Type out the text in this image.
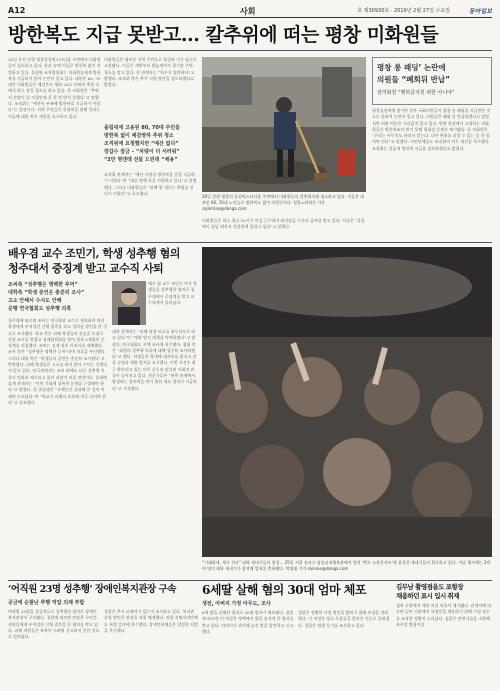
A12	사회	호 제30930호 · 2019년 2월 27일 수요일	동아일보
방한복도 지급 못받고… 칼추위에 떠는 평창 미화원들
20일 오전 강원 평창올림픽스타디움 주변에서 미화원들이 청소하고 있다. 한파 속에 이들은 방한복 없이 작업하고 있다. 올림픽 조직위원회는 미화원들에게 방한복을 지급하지 않아 논란이 일고 있다. 대부분 60, 70대인 미화원들은 체감온도 영하 20도 안팎의 추위 속에서 하루 종일 청소를 하고 있다. 한 미화원은 “추워서 손발이 얼 지경인데 옷 한 벌 받지 못했다”고 말했다. 조직위는 “예산이 부족해 방한복을 지급하기 어렵다”는 입장이다. 지역 주민들은 올림픽을 위해 일하는 이들에 대한 처우 개선을 요구하고 있다.
미화원들은 대부분 지역 주민으로 올림픽 기간 임시로 고용됐다. 이들은 새벽부터 밤늦게까지 경기장 주변 청소를 맡고 있다. 한 관계자는 “처우가 열악하다”고 말했다. 조직위 측은 추가 지원 방안을 검토하겠다고 밝혔다.
올림픽에 고용된 80, 70대 주민들
방한복 없이 체감영하 추위 청소
조직위에 요청했지만 “예산 없다”
장갑수 잠금 – “차량이 더 서러워”
“2만 명엔데 선물 드린데 “채용”
조직위 관계자는 “예산 사정상 방한복을 일괄 지급하기 어렵다”며 “대신 핫팩 등을 지원하고 있다”고 설명했다. 그러나 미화원들은 “핫팩 몇 개로는 추위를 견디기 어렵다”고 호소했다.
20일 강원 평창의 올림픽스타디움 주변에서 미화원들이 칼추위속에 청소하고 있다. 이들은 대부분 60, 70대 노인들로 방한복도 없이 작업중이다. 평창=최혁중 기자 sajinman@donga.com
평창 롱 패딩’ 논란에
의원들 “폐회뒤 반납”
전미화원 “행하급지원 위한 아니야”
평창올림픽에 참가한 일부 국회의원들이 평창 롱 패딩을 지급받은 것으로 알려져 논란이 일고 있다. 의원들은 폐회 뒤 반납하겠다고 밝혔지만 비판 여론은 가라앉지 않고 있다. 반면 현장에서 고생하는 미화원들은 방한복조차 받지 못해 형평성 문제가 제기됐다. 한 미화원은 “우리는 아무것도 바라지 않는다. 다만 추위를 피할 수 있는 옷 한 벌이면 된다”고 말했다. 시민단체들도 조직위의 처우 개선을 촉구했다. 조직위는 뒤늦게 방한복 지급을 검토하겠다고 밝혔다.
미화원들은 하루 평균 10시간 이상 근무하며 최저임금 수준의 급여를 받고 있다. 이들은 “올림픽이 끝날 때까지 건강하게 일하고 싶다”고 말했다.
배우겸 교수 조민기, 학생 성추행 혐의
청주대서 중징계 받고 교수직 사퇴
조씨측 “성추행은 명백한 루머”
대학측 “학생 증언은 충분히 조사”
고소 안해서 수사도 안해
문행 연극협회도 성추행 의혹
배우 겸 교수 조민기 씨가 학생들을 성추행한 혐의로 청주대에서 중징계를 받고 교수직에서 물러났다.
청주대에 따르면 조씨는 연극학과 교수로 재직하며 여러 학생에게 부적절한 신체 접촉을 하고 성희롱 발언을 한 것으로 조사됐다. 학교 측은 피해 학생들의 진술을 토대로 진상 조사를 벌였고 징계위원회를 열어 정직 3개월의 중징계를 의결했다. 조씨는 징계 직후 사직서를 제출했다. 조씨 측은 “성추행은 명백한 루머”라며 의혹을 부인했다. 그러나 대학 측은 “학생들의 증언은 충분히 조사했다”고 반박했다. 피해 학생들은 고소를 하지 않아 수사는 진행되지 않고 있다. 연극계에서는 조씨 외에도 다른 성추행 의혹이 잇따라 제기되고 있어 파장이 커질 전망이다. 문화예술계 관계자는 “이번 기회에 성폭력 문제를 근절해야 한다”고 말했다. 한 졸업생은 “오랫동안 쉬쉬해 온 일이 이제야 드러났다”며 “학교가 피해자 보호에 적극 나서야 한다”고 강조했다.
대학 관계자는 “피해 학생 보호를 최우선으로 하고 있다”며 “재발 방지 대책을 마련하겠다”고 밝혔다. 연극협회도 자체 조사에 착수했다. 협회 측은 “회원의 성추행 의혹에 대해 엄중히 조사하겠다”고 했다. 학생들은 학내에 대자보를 붙이고 진상 규명과 재발 방지를 요구했다. 이번 사건은 최근 확산되고 있는 미투 운동과 맞물려 사회적 관심이 높아지고 있다. 전문가들은 “권력 관계에서 발생하는 성폭력을 막기 위한 제도 정비가 시급하다”고 지적했다.
“기대하세, 세가 간다” 대학 새내기들의 함성… 25일 서울 송파구 잠실실내체육관에서 열린 ‘멘토 소통콘서트’에 참석한 새내기들이 환호하고 있다. 이날 행사에는 2만여 명의 대학 새내기가 참석해 입학을 축하했다. 박영대 기자 sannae@donga.com
‘어직원 23명 성추행’ 장애인복지관장 구속
공금에 순찰난 추행 억압 의제 부합
여직원 23명을 상습적으로 성추행한 혐의로 장애인복지관장이 구속됐다. 경찰에 따르면 관장은 수년간 직원들에게 부적절한 신체 접촉을 한 혐의를 받고 있다. 피해 직원들은 보복이 두려워 신고하지 못한 것으로 알려졌다.
경찰은 추가 피해자가 있는지 조사하고 있다. 복지관 운영 법인은 관장을 직위 해제했다. 관할 지방자치단체도 특별 감사에 착수했다. 장애인단체들은 엄정한 처벌을 촉구했다.
6세딸 살해 혐의 30대 엄마 체포
생전, 아버지 가정 아무도, 조사
6세 딸을 살해한 혐의로 30대 엄마가 체포됐다. 경찰에 따르면 이 여성은 자택에서 딸을 숨지게 한 혐의를 받고 있다. 아버지가 귀가해 숨진 딸을 발견하고 신고했다.
경찰은 정확한 사망 원인을 밝히기 위해 부검을 의뢰했다. 이 여성은 평소 우울증을 앓아온 것으로 알려졌다. 경찰은 범행 동기를 조사하고 있다.
김무남 촬영점을도 포항장
채용하던 표시 입시 취재
경북 포항에서 채용 비리 의혹이 제기됐다. 관계자에 따르면 일부 기관에서 특정인을 채용하기 위해 시험 점수를 조작한 정황이 드러났다. 검찰은 관련자들을 소환해 조사할 방침이다.
